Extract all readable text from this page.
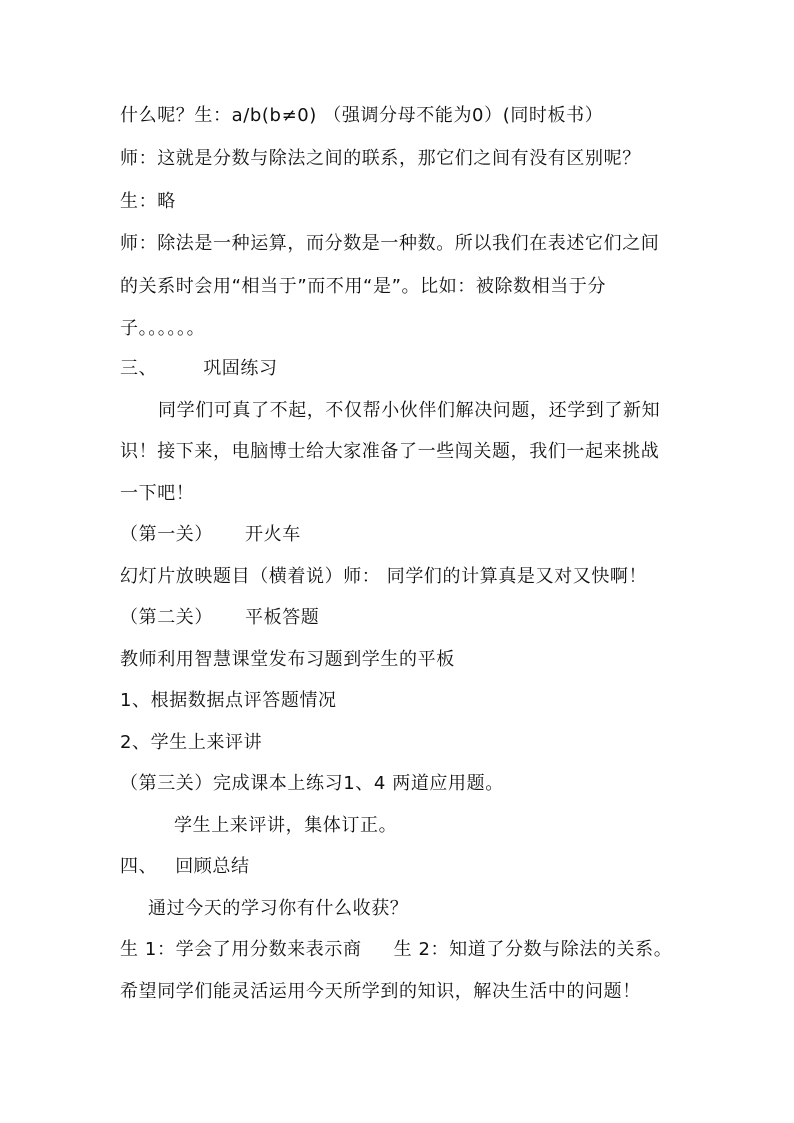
什么呢？生：a/b(b≠0) （强调分母不能为0）(同时板书）
师：这就是分数与除法之间的联系，那它们之间有没有区别呢？
生：略
师：除法是一种运算，而分数是一种数。所以我们在表述它们之间
的关系时会用“相当于”而不用“是”。比如：被除数相当于分
子。。。。。。
三、	巩固练习
同学们可真了不起，不仅帮小伙伴们解决问题，还学到了新知
识！接下来，电脑博士给大家准备了一些闯关题，我们一起来挑战
一下吧！
（第一关） 开火车
幻灯片放映题目（横着说）师： 同学们的计算真是又对又快啊！
（第二关） 平板答题
教师利用智慧课堂发布习题到学生的平板
1、根据数据点评答题情况
2、学生上来评讲
（第三关）完成课本上练习1、4 两道应用题。
学生上来评讲，集体订正。
四、 回顾总结
通过今天的学习你有什么收获？
生 1：学会了用分数来表示商 生 2：知道了分数与除法的关系。
希望同学们能灵活运用今天所学到的知识，解决生活中的问题！
